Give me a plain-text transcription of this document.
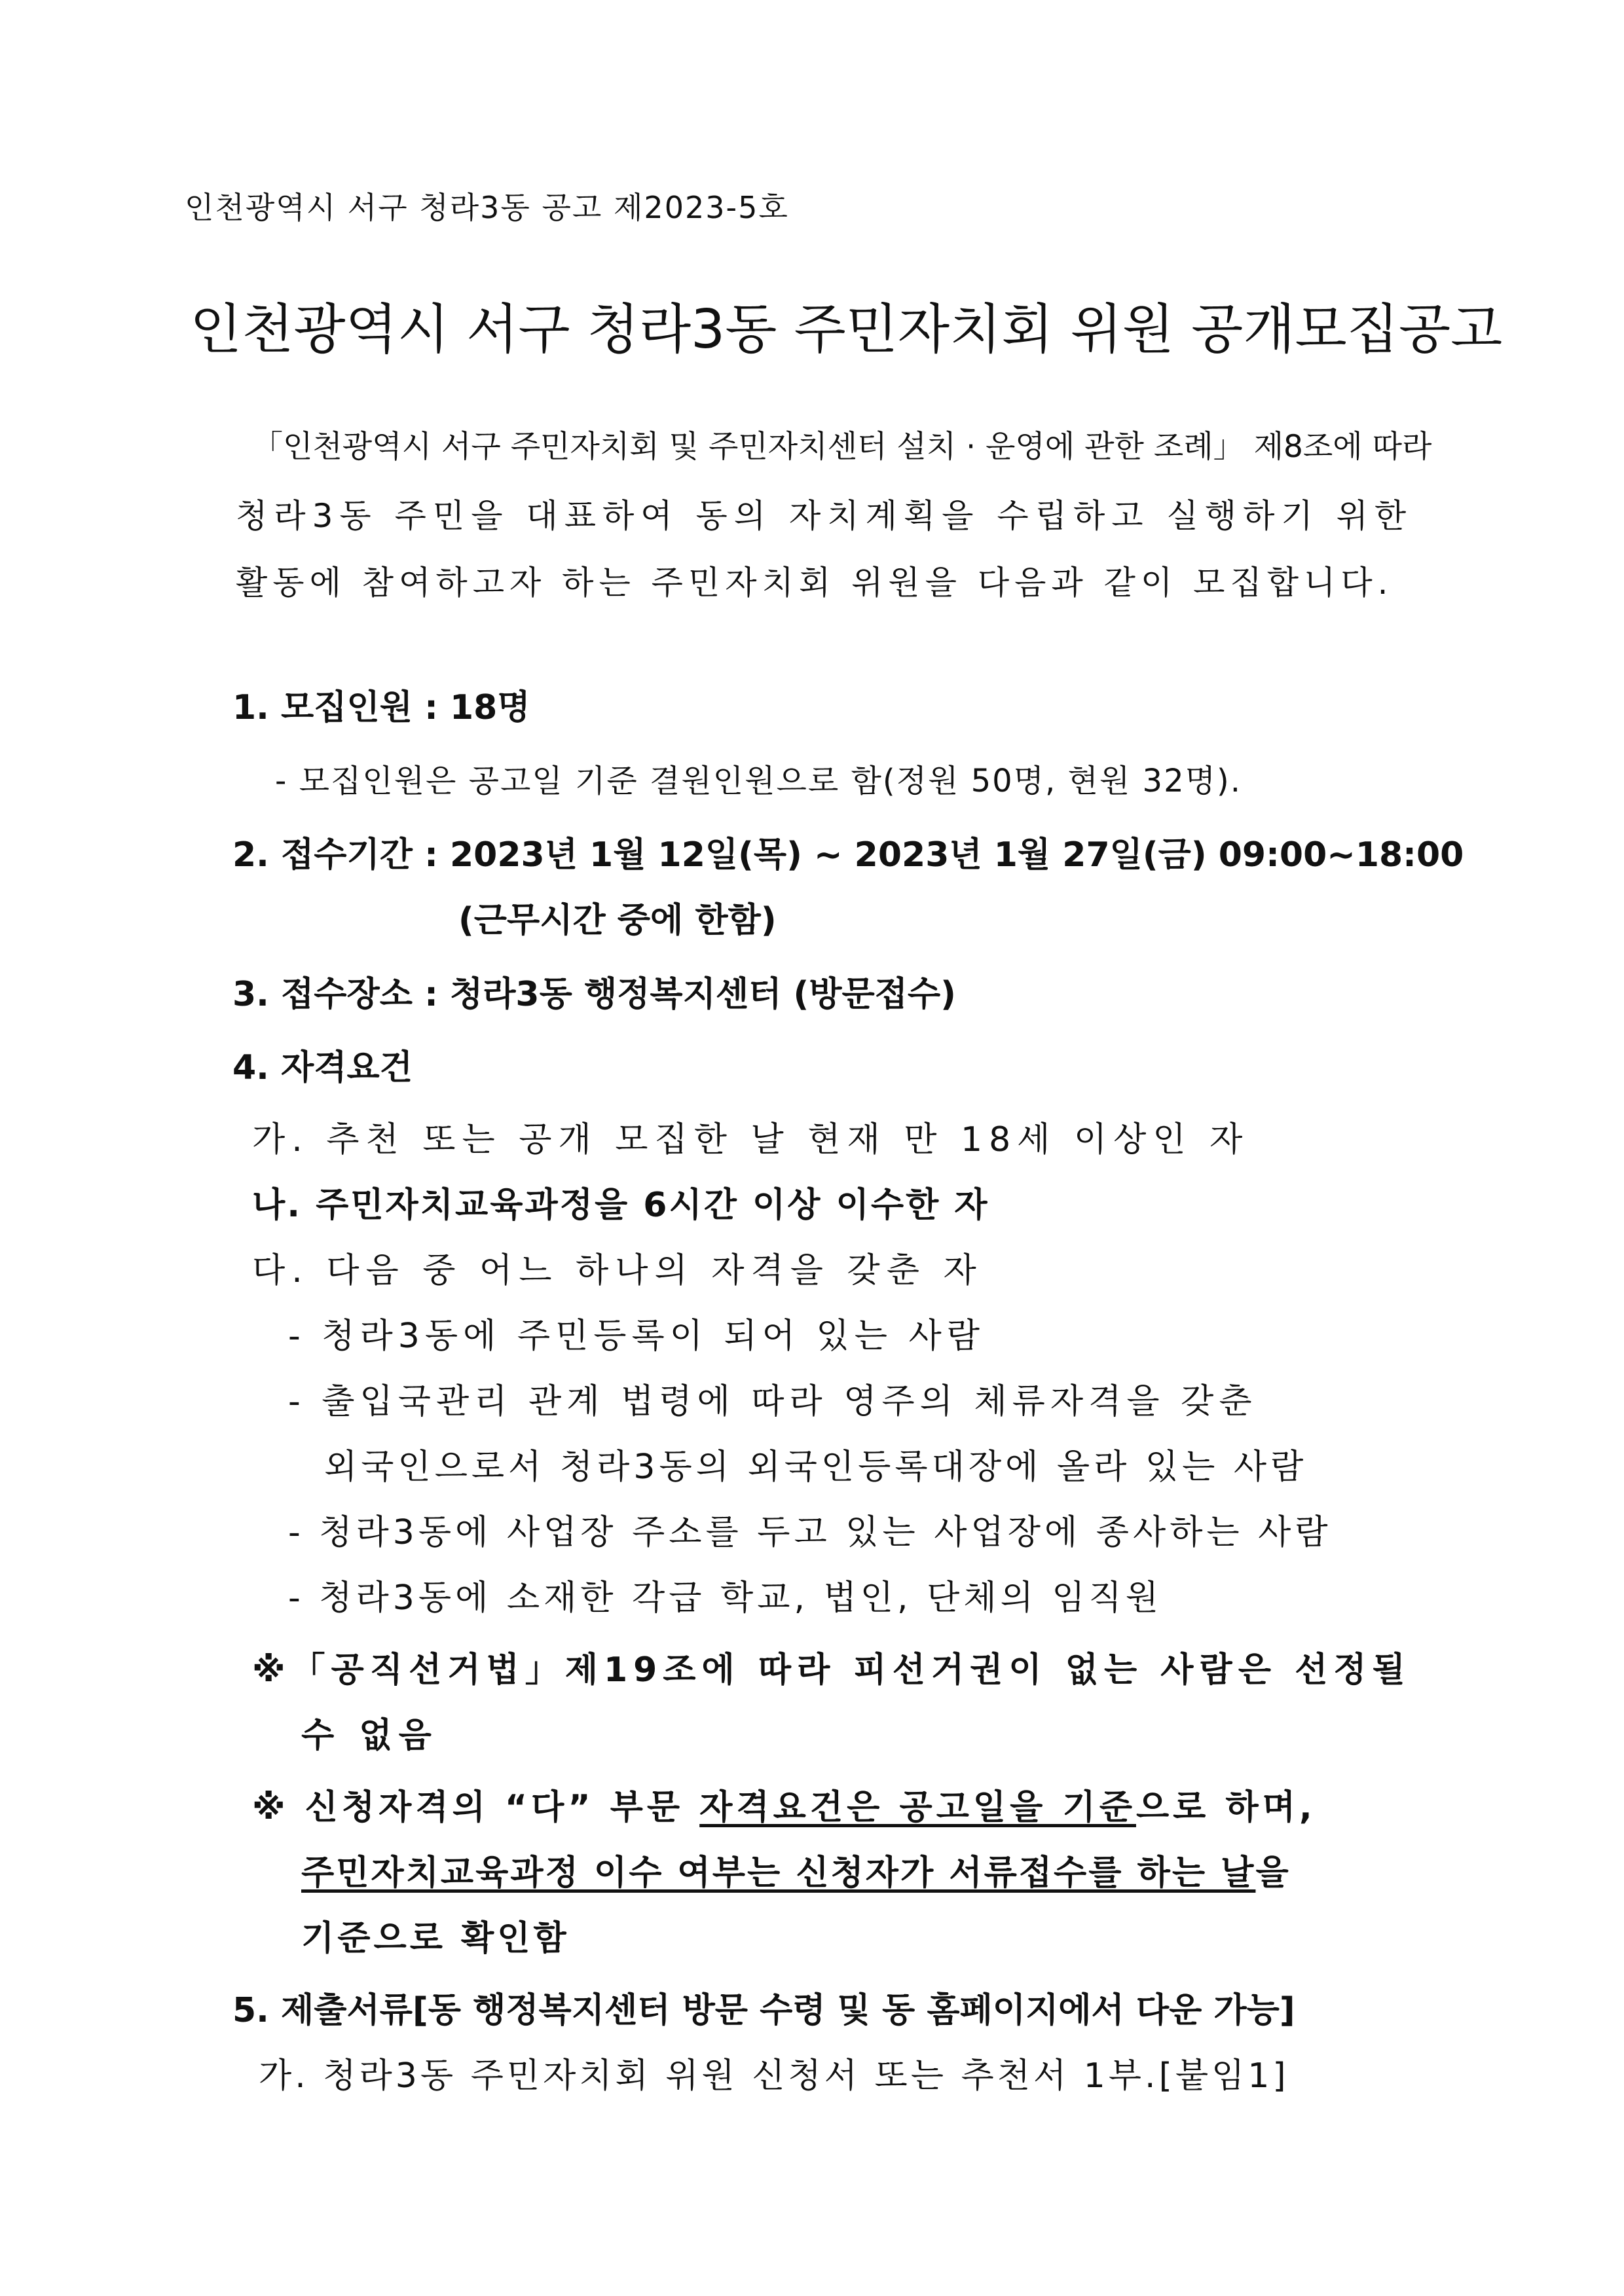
인천광역시 서구 청라3동 공고 제2023-5호
인천광역시 서구 청라3동 주민자치회 위원 공개모집공고
「인천광역시 서구 주민자치회 및 주민자치센터 설치 · 운영에 관한 조례」 제8조에 따라
청라3동 주민을 대표하여 동의 자치계획을 수립하고 실행하기 위한
활동에 참여하고자 하는 주민자치회 위원을 다음과 같이 모집합니다.
1. 모집인원 : 18명
- 모집인원은 공고일 기준 결원인원으로 함(정원 50명, 현원 32명).
2. 접수기간 : 2023년 1월 12일(목) ~ 2023년 1월 27일(금) 09:00~18:00
(근무시간 중에 한함)
3. 접수장소 : 청라3동 행정복지센터 (방문접수)
4. 자격요건
가. 추천 또는 공개 모집한 날 현재 만 18세 이상인 자
나. 주민자치교육과정을 6시간 이상 이수한 자
다. 다음 중 어느 하나의 자격을 갖춘 자
- 청라3동에 주민등록이 되어 있는 사람
- 출입국관리 관계 법령에 따라 영주의 체류자격을 갖춘
외국인으로서 청라3동의 외국인등록대장에 올라 있는 사람
- 청라3동에 사업장 주소를 두고 있는 사업장에 종사하는 사람
- 청라3동에 소재한 각급 학교, 법인, 단체의 임직원
※「공직선거법」제19조에 따라 피선거권이 없는 사람은 선정될
수 없음
※ 신청자격의 “다” 부문 자격요건은 공고일을 기준으로 하며,
주민자치교육과정 이수 여부는 신청자가 서류접수를 하는 날을
기준으로 확인함
5. 제출서류[동 행정복지센터 방문 수령 및 동 홈페이지에서 다운 가능]
가. 청라3동 주민자치회 위원 신청서 또는 추천서 1부.[붙임1]
